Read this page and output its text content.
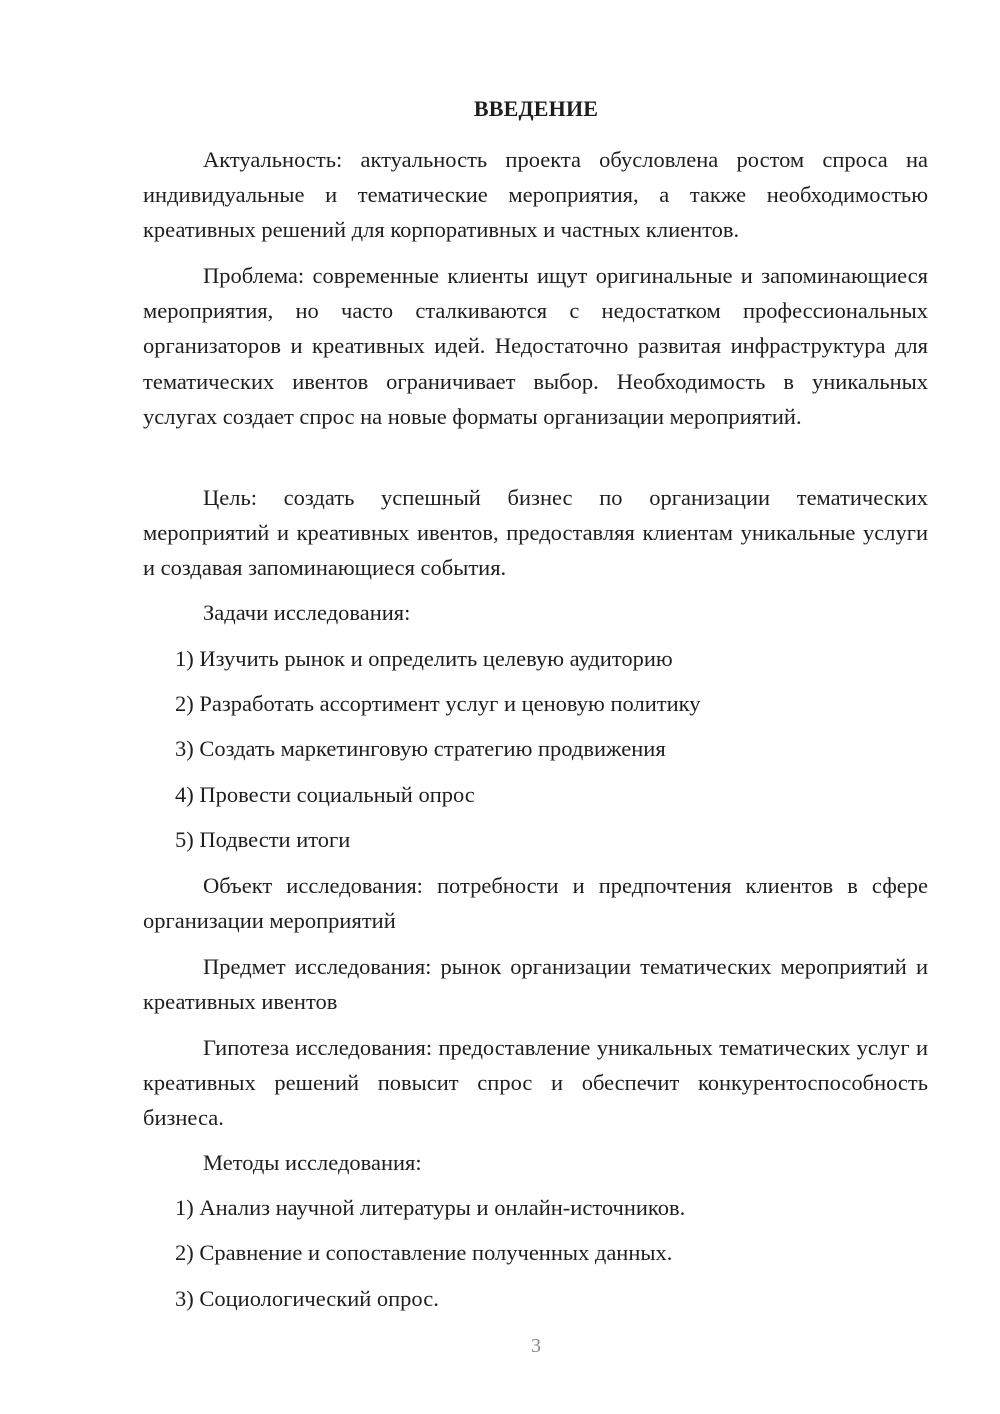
ВВЕДЕНИЕ

Актуальность: актуальность проекта обусловлена ростом спроса на индивидуальные и тематические мероприятия, а также необходимостью креативных решений для корпоративных и частных клиентов.

Проблема: современные клиенты ищут оригинальные и запоминающиеся мероприятия, но часто сталкиваются с недостатком профессиональных организаторов и креативных идей. Недостаточно развитая инфраструктура для тематических ивентов ограничивает выбор. Необходимость в уникальных услугах создает спрос на новые форматы организации мероприятий.

Цель: создать успешный бизнес по организации тематических мероприятий и креативных ивентов, предоставляя клиентам уникальные услуги и создавая запоминающиеся события.

Задачи исследования:

1) Изучить рынок и определить целевую аудиторию

2) Разработать ассортимент услуг и ценовую политику

3) Создать маркетинговую стратегию продвижения

4) Провести социальный опрос

5) Подвести итоги

Объект исследования: потребности и предпочтения клиентов в сфере организации мероприятий

Предмет исследования: рынок организации тематических мероприятий и креативных ивентов

Гипотеза исследования: предоставление уникальных тематических услуг и креативных решений повысит спрос и обеспечит конкурентоспособность бизнеса.

Методы исследования:

1) Анализ научной литературы и онлайн-источников.

2) Сравнение и сопоставление полученных данных.

3) Социологический опрос.

3
